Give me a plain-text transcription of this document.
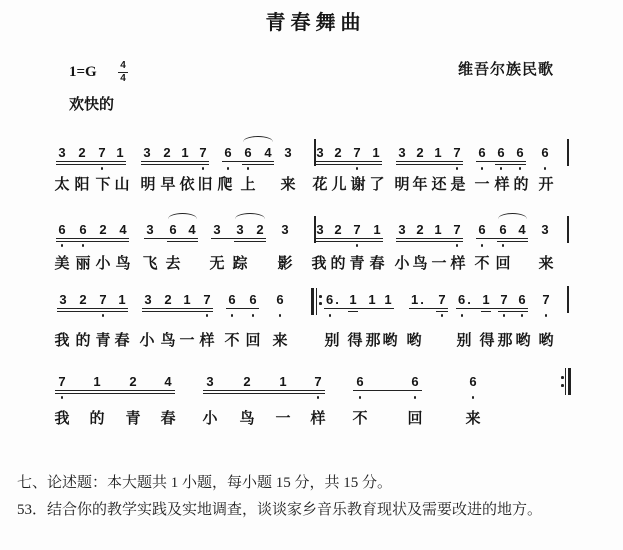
青春舞曲
1=G	4
4
欢快的
维吾尔族民歌
3 2 7 1 3 2 1 7 6 6 4 3 3 2 7 1 3 2 1 7 6 6 6 6
太 阳 下 山 明 早 依 旧 爬 上 来 花 儿 谢 了 明 年 还 是 一 样 的 开
6 6 2 4 3 6 4 3 3 2 3 3 2 7 1 3 2 1 7 6 6 4 3
美 丽 小 鸟 飞 去 无 踪 影 我 的 青 春 小 鸟 一 样 不 回 来
3 2 7 1 3 2 1 7 6 6 6	6. 1 1 1 1. 7 6. 1 7 6 7
我 的 青 春 小 鸟 一 样 不 回 来 别 得 那 哟 哟 别 得 那 哟 哟
7 1 2 4	3 2 1 7	6	6	6
我 的 青 春 小 鸟 一 样 不	回	来
七、论述题：本大题共 1 小题，每小题 15 分，共 15 分。
53．结合你的教学实践及实地调查，谈谈家乡音乐教育现状及需要改进的地方。
